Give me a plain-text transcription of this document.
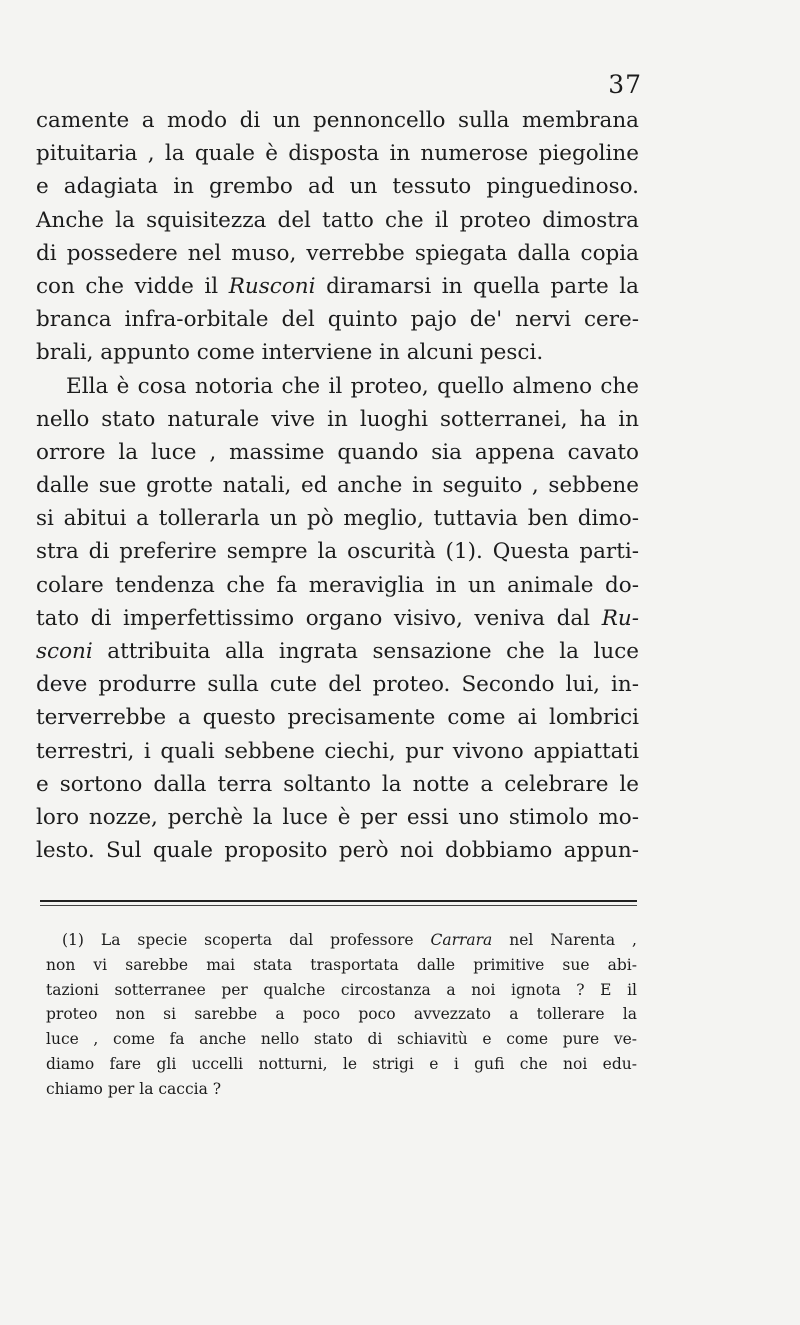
37
camente a modo di un pennoncello sulla membrana
pituitaria , la quale è disposta in numerose piegoline
e adagiata in grembo ad un tessuto pinguedinoso.
Anche la squisitezza del tatto che il proteo dimostra
di possedere nel muso, verrebbe spiegata dalla copia
con che vidde il Rusconi diramarsi in quella parte la
branca infra-orbitale del quinto pajo de' nervi cere-
brali, appunto come interviene in alcuni pesci.
Ella è cosa notoria che il proteo, quello almeno che
nello stato naturale vive in luoghi sotterranei, ha in
orrore la luce , massime quando sia appena cavato
dalle sue grotte natali, ed anche in seguito , sebbene
si abitui a tollerarla un pò meglio, tuttavia ben dimo-
stra di preferire sempre la oscurità (1). Questa parti-
colare tendenza che fa meraviglia in un animale do-
tato di imperfettissimo organo visivo, veniva dal Ru-
sconi attribuita alla ingrata sensazione che la luce
deve produrre sulla cute del proteo. Secondo lui, in-
terverrebbe a questo precisamente come ai lombrici
terrestri, i quali sebbene ciechi, pur vivono appiattati
e sortono dalla terra soltanto la notte a celebrare le
loro nozze, perchè la luce è per essi uno stimolo mo-
lesto. Sul quale proposito però noi dobbiamo appun-
(1) La specie scoperta dal professore Carrara nel Narenta ,
non vi sarebbe mai stata trasportata dalle primitive sue abi-
tazioni sotterranee per qualche circostanza a noi ignota ? E il
proteo non si sarebbe a poco poco avvezzato a tollerare la
luce , come fa anche nello stato di schiavitù e come pure ve-
diamo fare gli uccelli notturni, le strigi e i gufi che noi edu-
chiamo per la caccia ?
